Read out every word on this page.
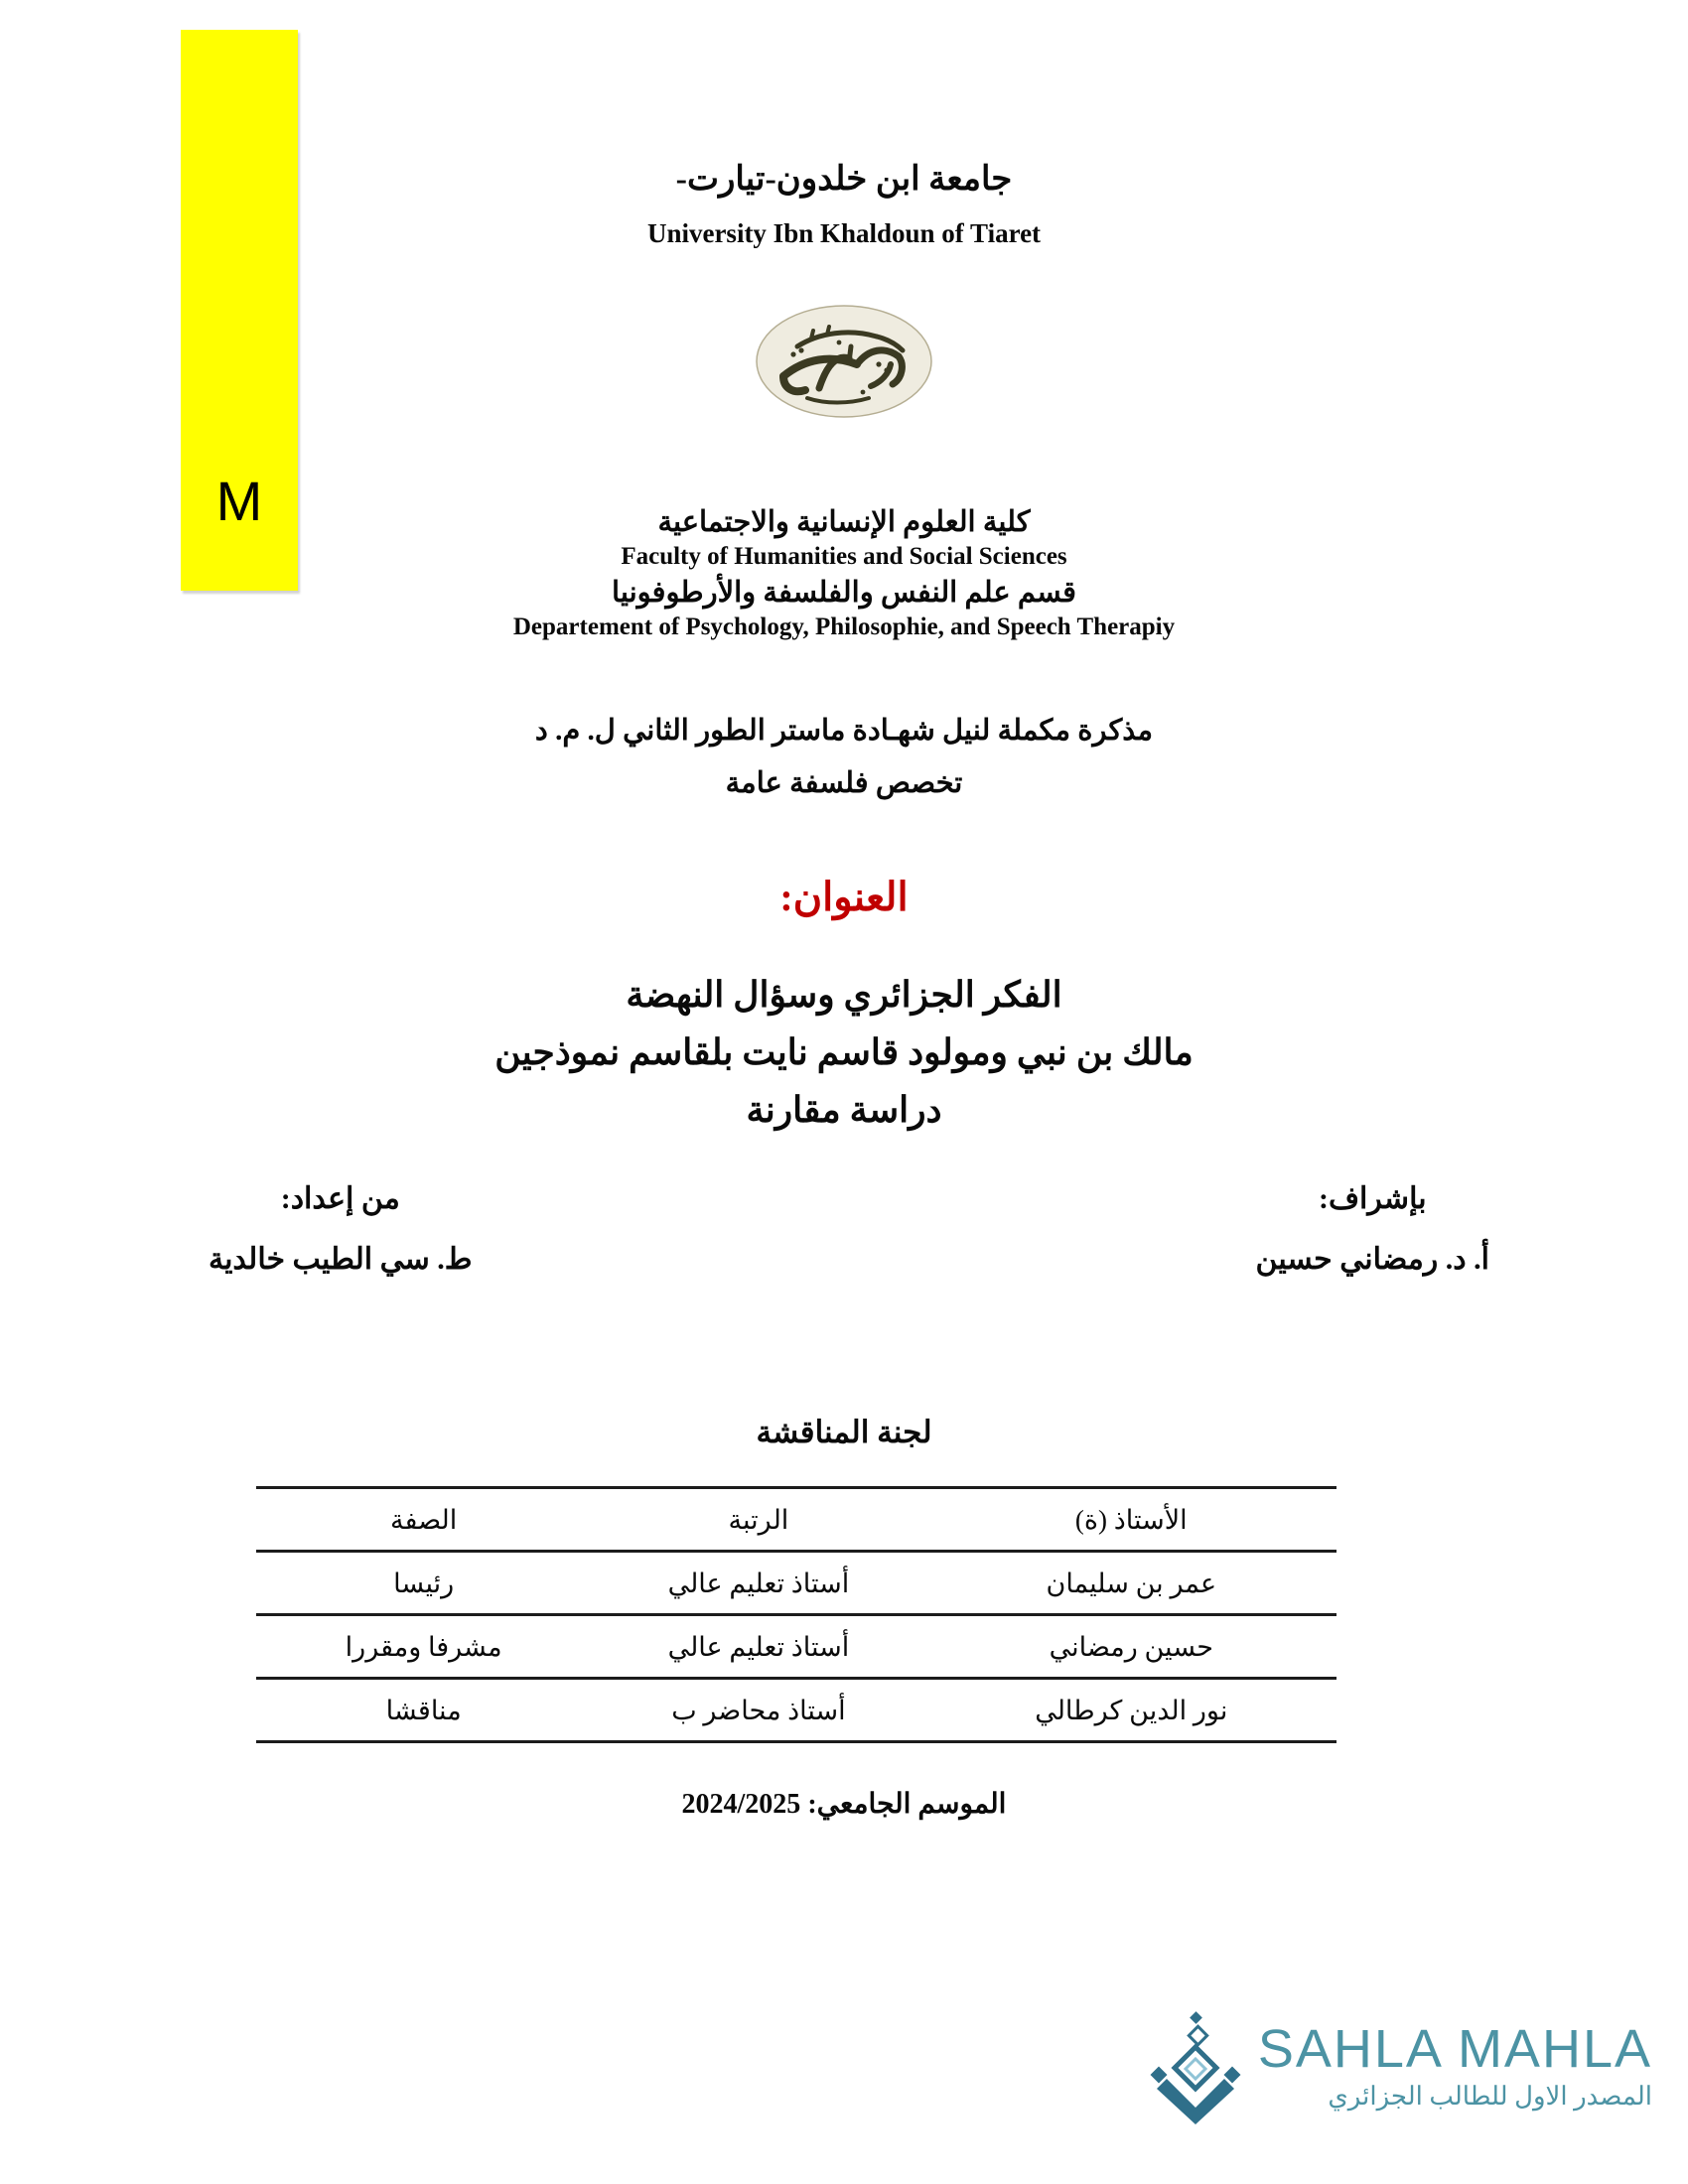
M
جامعة ابن خلدون-تيارت-
University Ibn Khaldoun of Tiaret
كلية العلوم الإنسانية والاجتماعية
Faculty of Humanities and Social Sciences
قسم علم النفس والفلسفة والأرطوفونيا
Departement of Psychology, Philosophie, and Speech Therapiy
مذكرة مكملة لنيل شهـادة ماستر الطور الثاني ل. م. د
تخصص فلسفة عامة
العنوان:
الفكر الجزائري وسؤال النهضة
مالك بن نبي ومولود قاسم نايت بلقاسم نموذجين
دراسة مقارنة
من إعداد:
ط. سي الطيب خالدية
بإشراف:
أ. د. رمضاني حسين
لجنة المناقشة
الأستاذ (ة)	الرتبة	الصفة
عمر بن سليمان	أستاذ تعليم عالي	رئيسا
حسين رمضاني	أستاذ تعليم عالي	مشرفا ومقررا
نور الدين كرطالي	أستاذ محاضر ب	مناقشا
الموسم الجامعي: 2024/2025
SAHLA MAHLA
المصدر الاول للطالب الجزائري
